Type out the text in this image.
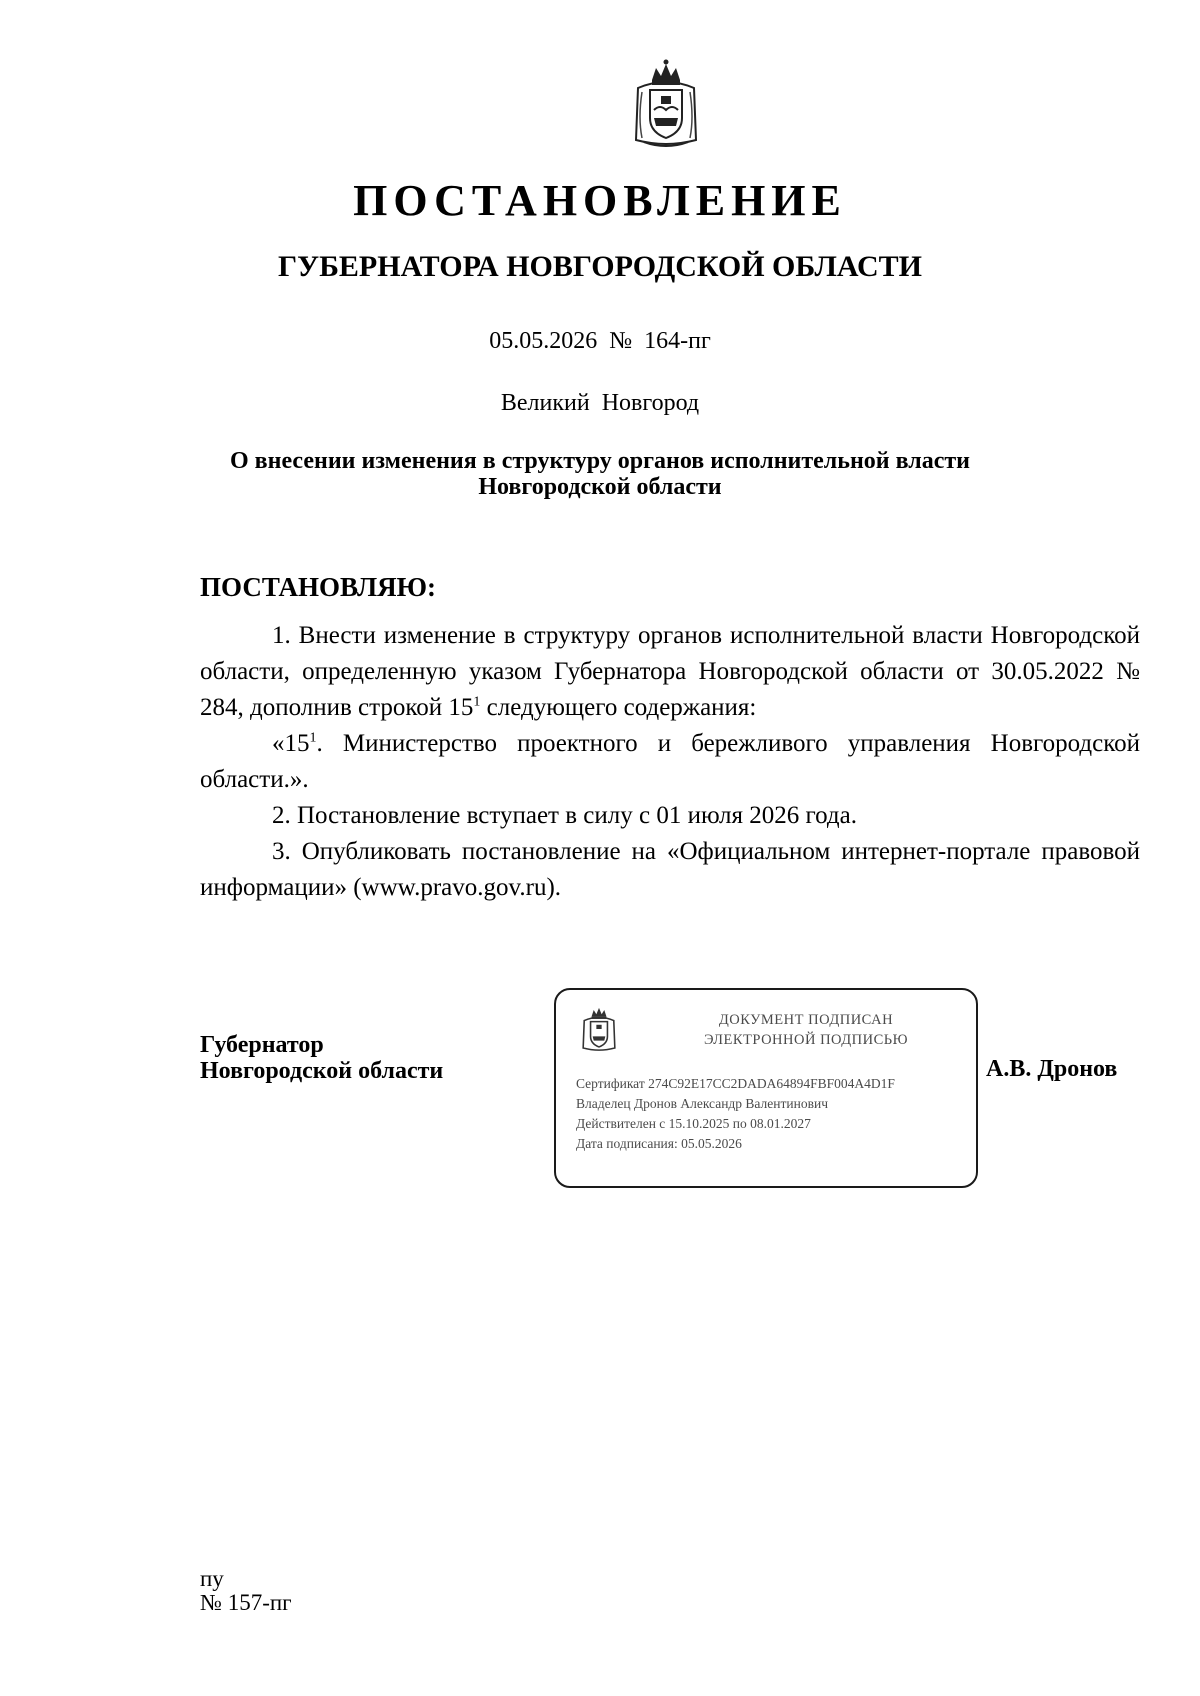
ПОСТАНОВЛЕНИЕ
ГУБЕРНАТОРА НОВГОРОДСКОЙ ОБЛАСТИ
05.05.2026 № 164-пг
Великий Новгород
О внесении изменения в структуру органов исполнительной власти
Новгородской области
ПОСТАНОВЛЯЮ:

1. Внести изменение в структуру органов исполнительной власти Новгородской области, определенную указом Губернатора Новгородской области от 30.05.2022 № 284, дополнив строкой $15^1$ следующего содержания:

«$15^1$. Министерство проектного и бережливого управления Новгородской области.».

2. Постановление вступает в силу с 01 июля 2026 года.

3. Опубликовать постановление на «Официальном интернет-портале правовой информации» (www.pravo.gov.ru).

Губернатор
Новгородской области
ДОКУМЕНТ ПОДПИСАН
ЭЛЕКТРОННОЙ ПОДПИСЬЮ
Сертификат 274C92E17CC2DADA64894FBF004A4D1F
Владелец Дронов Александр Валентинович
Действителен с 15.10.2025 по 08.01.2027
Дата подписания: 05.05.2026
А.В. Дронов
пу
№ 157-пг
